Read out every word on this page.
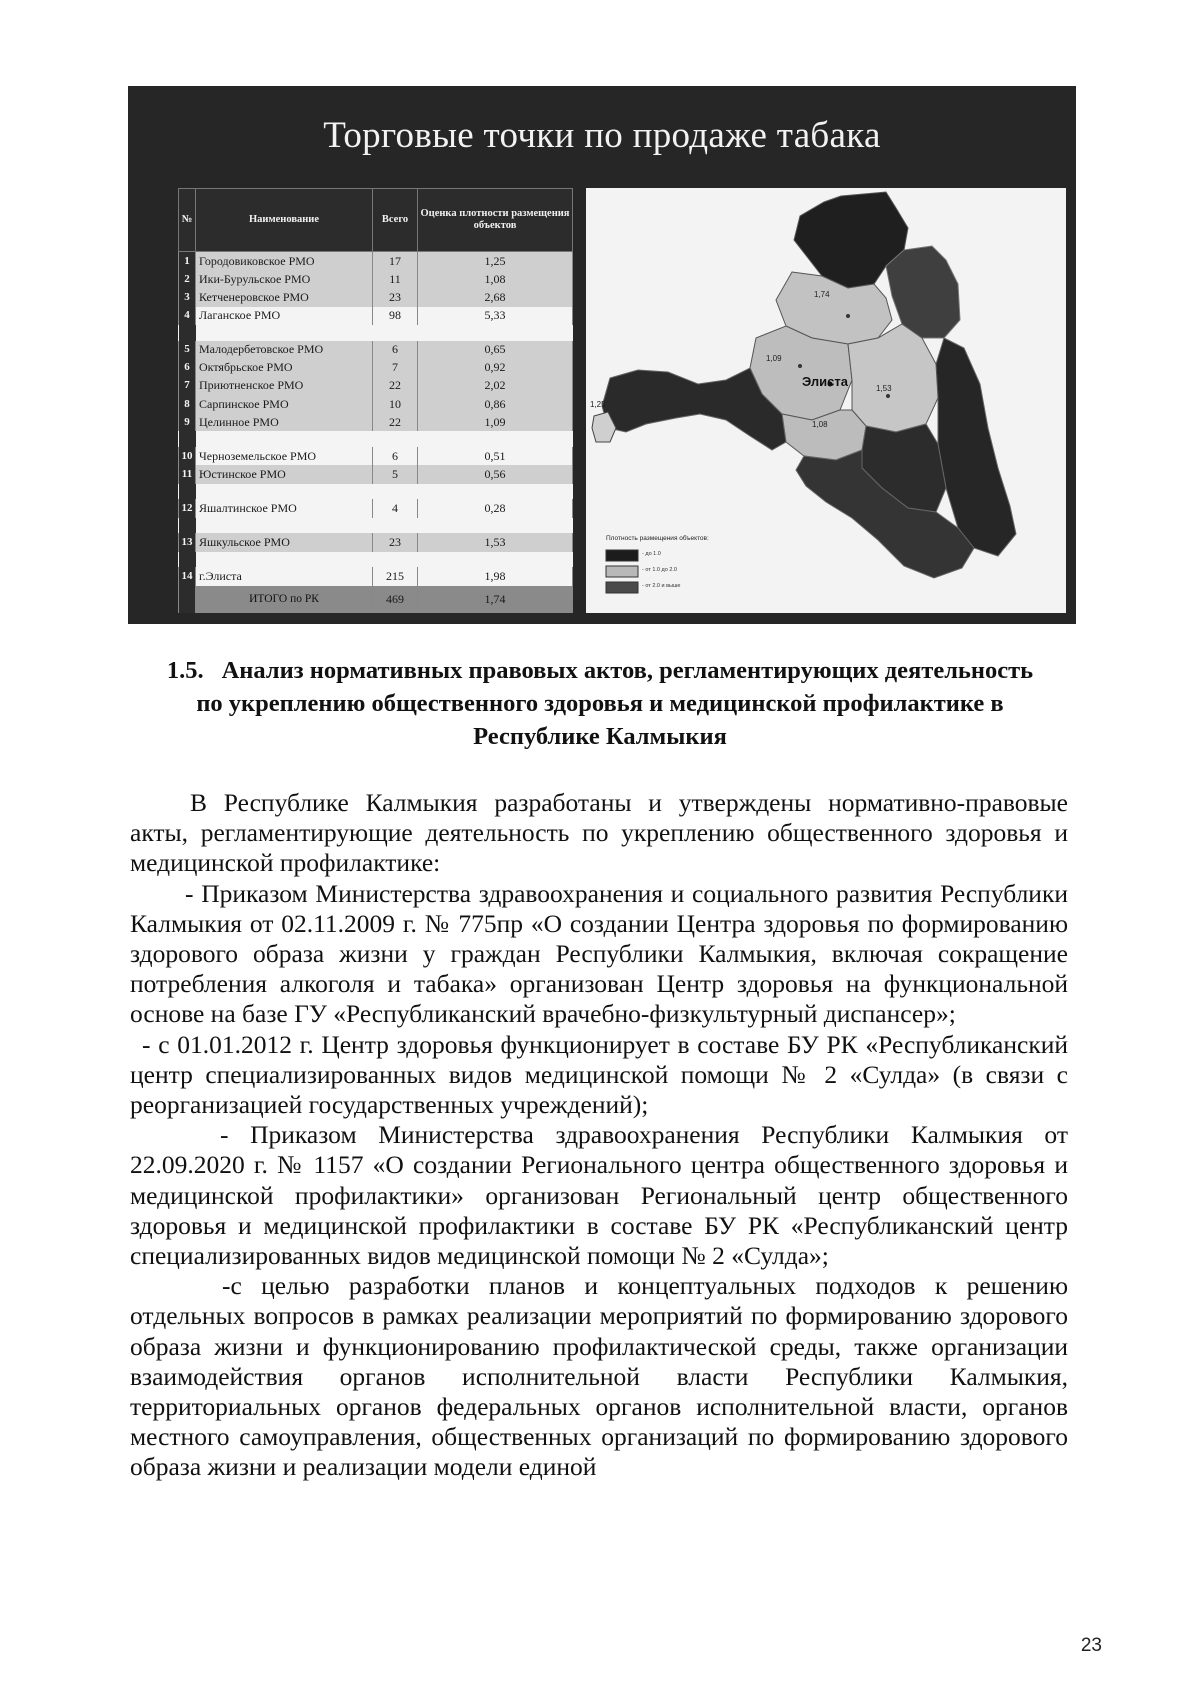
Торговые точки по продаже табака
№	Наименование	Всего	Оценка плотности размещения объектов
1	Городовиковское РМО	17	1,25
2	Ики-Бурульское РМО	11	1,08
3	Кетченеровское РМО	23	2,68
4	Лаганское РМО	98	5,33

5	Малодербетовское РМО	6	0,65
6	Октябрьское РМО	7	0,92
7	Приютненское РМО	22	2,02
8	Сарпинское РМО	10	0,86
9	Целинное РМО	22	1,09

10	Черноземельское РМО	6	0,51
11	Юстинское РМО	5	0,56

12	Яшалтинское РМО	4	0,28

13	Яшкульское РМО	23	1,53

14	г.Элиста	215	1,98
	ИТОГО по РК	469	1,74
1,74
1,09
Элиста	1,53
1,08
1,25
Плотность размещения объектов:
- до 1.0
- от 1.0 до 2.0
- от 2.0 и выше
1.5. Анализ нормативных правовых актов, регламентирующих деятельность по укреплению общественного здоровья и медицинской профилактике в Республике Калмыкия

В Республике Калмыкия разработаны и утверждены нормативно-правовые акты, регламентирующие деятельность по укреплению общественного здоровья и медицинской профилактике:

- Приказом Министерства здравоохранения и социального развития Республики Калмыкия от 02.11.2009 г. № 775пр «О создании Центра здоровья по формированию здорового образа жизни у граждан Республики Калмыкия, включая сокращение потребления алкоголя и табака» организован Центр здоровья на функциональной основе на базе ГУ «Республиканский врачебно-физкультурный диспансер»;

- с 01.01.2012 г. Центр здоровья функционирует в составе БУ РК «Республиканский центр специализированных видов медицинской помощи № 2 «Сулда» (в связи с реорганизацией государственных учреждений);

- Приказом Министерства здравоохранения Республики Калмыкия от 22.09.2020 г. № 1157 «О создании Регионального центра общественного здоровья и медицинской профилактики» организован Региональный центр общественного здоровья и медицинской профилактики в составе БУ РК «Республиканский центр специализированных видов медицинской помощи № 2 «Сулда»;

-с целью разработки планов и концептуальных подходов к решению отдельных вопросов в рамках реализации мероприятий по формированию здорового образа жизни и функционированию профилактической среды, также организации взаимодействия органов исполнительной власти Республики Калмыкия, территориальных органов федеральных органов исполнительной власти, органов местного самоуправления, общественных организаций по формированию здорового образа жизни и реализации модели единой

23
